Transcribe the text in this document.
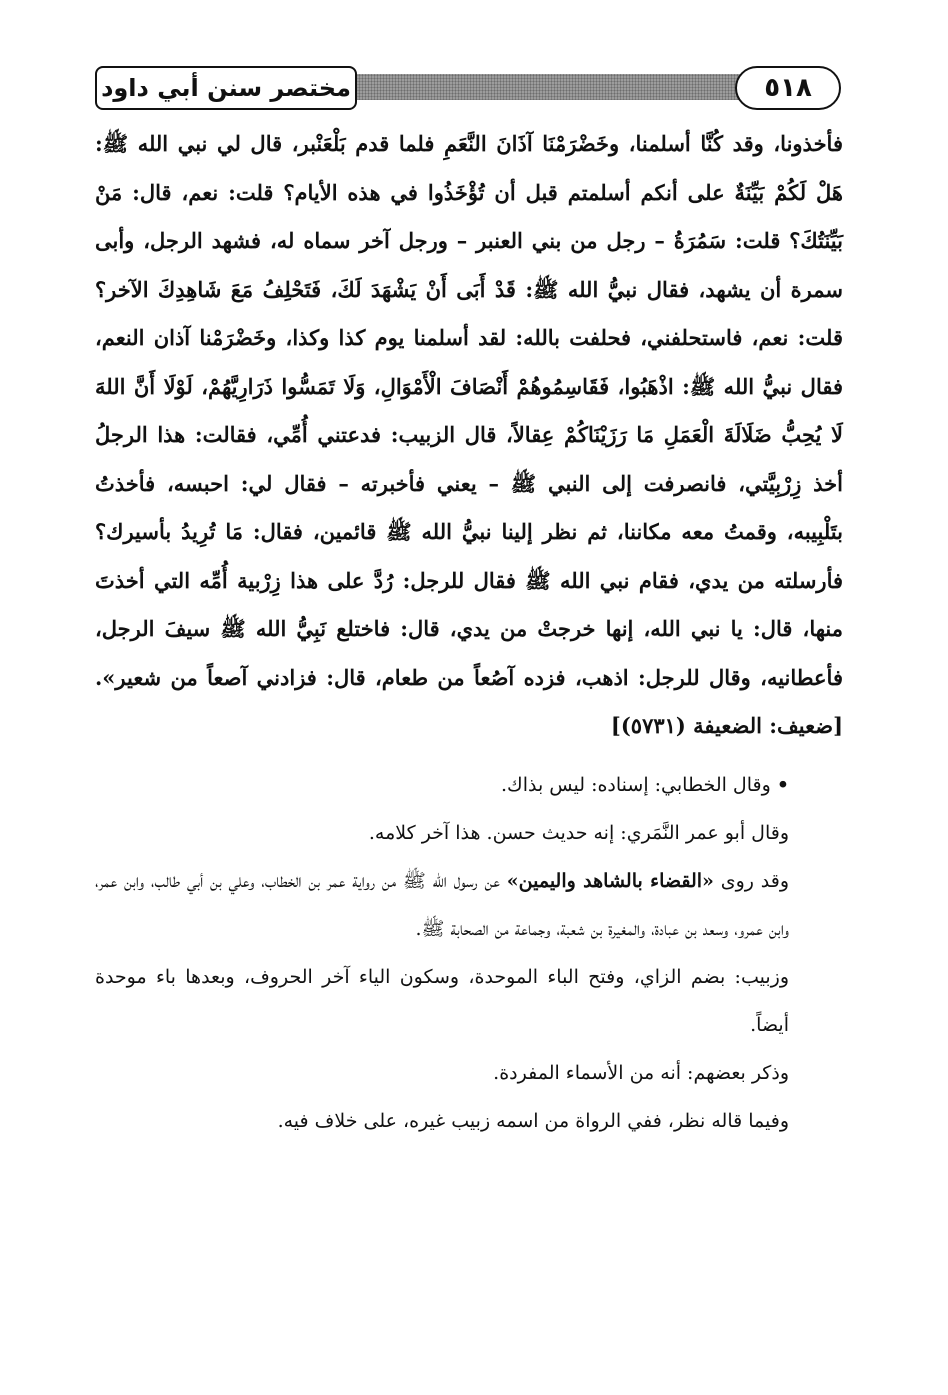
٥١٨
مختصر سنن أبي داود
فأخذونا، وقد كُنَّا أسلمنا، وخَضْرَمْنَا آذَانَ النَّعَمِ فلما قدم بَلْعَنْبر، قال لي نبي الله ﷺ: هَلْ لَكُمْ بَيِّنَةٌ على أنكم أسلمتم قبل أن تُؤْخَذُوا في هذه الأيام؟ قلت: نعم، قال: مَنْ بَيِّنَتُكَ؟ قلت: سَمُرَةُ – رجل من بني العنبر – ورجل آخر سماه له، فشهد الرجل، وأبى سمرة أن يشهد، فقال نبيُّ الله ﷺ: قَدْ أَبَى أَنْ يَشْهَدَ لَكَ، فَتَحْلِفُ مَعَ شَاهِدِكَ الآخر؟ قلت: نعم، فاستحلفني، فحلفت بالله: لقد أسلمنا يوم كذا وكذا، وخَضْرَمْنا آذان النعم، فقال نبيُّ الله ﷺ: اذْهَبُوا، فَقَاسِمُوهُمْ أَنْصَافَ الْأَمْوَالِ، وَلَا تَمَسُّوا ذَرَارِيَّهُمْ، لَوْلَا أَنَّ اللهَ لَا يُحِبُّ ضَلَالَةَ الْعَمَلِ مَا رَزَيْنَاكُمْ عِقالاً، قال الزبيب: فدعتني أُمِّي، فقالت: هذا الرجلُ أخذ زِرْبِيَّتي، فانصرفت إلى النبي ﷺ – يعني فأخبرته – فقال لي: احبسه، فأخذتُ بتَلْبِيبه، وقمتُ معه مكاننا، ثم نظر إلينا نبيُّ الله ﷺ قائمين، فقال: مَا تُرِيدُ بأسيرك؟ فأرسلته من يدي، فقام نبي الله ﷺ فقال للرجل: رُدَّ على هذا زِرْبية أُمِّه التي أخذتَ منها، قال: يا نبي الله، إنها خرجتْ من يدي، قال: فاختلع نَبِيُّ الله ﷺ سيفَ الرجل، فأعطانيه، وقال للرجل: اذهب، فزده آصُعاً من طعام، قال: فزادني آصعاً من شعير». [ضعيف: الضعيفة (٥٧٣١)]

• وقال الخطابي: إسناده: ليس بذاك.

وقال أبو عمر النَّمَري: إنه حديث حسن. هذا آخر كلامه.

وقد روى «القضاء بالشاهد واليمين» عن رسول الله ﷺ من رواية عمر بن الخطاب، وعلي بن أبي طالب، وابن عمر، وابن عمرو، وسعد بن عبادة، والمغيرة بن شعبة، وجماعة من الصحابة ﷺ.

وزبيب: بضم الزاي، وفتح الباء الموحدة، وسكون الياء آخر الحروف، وبعدها باء موحدة أيضاً.

وذكر بعضهم: أنه من الأسماء المفردة.

وفيما قاله نظر، ففي الرواة من اسمه زبيب غيره، على خلاف فيه.
